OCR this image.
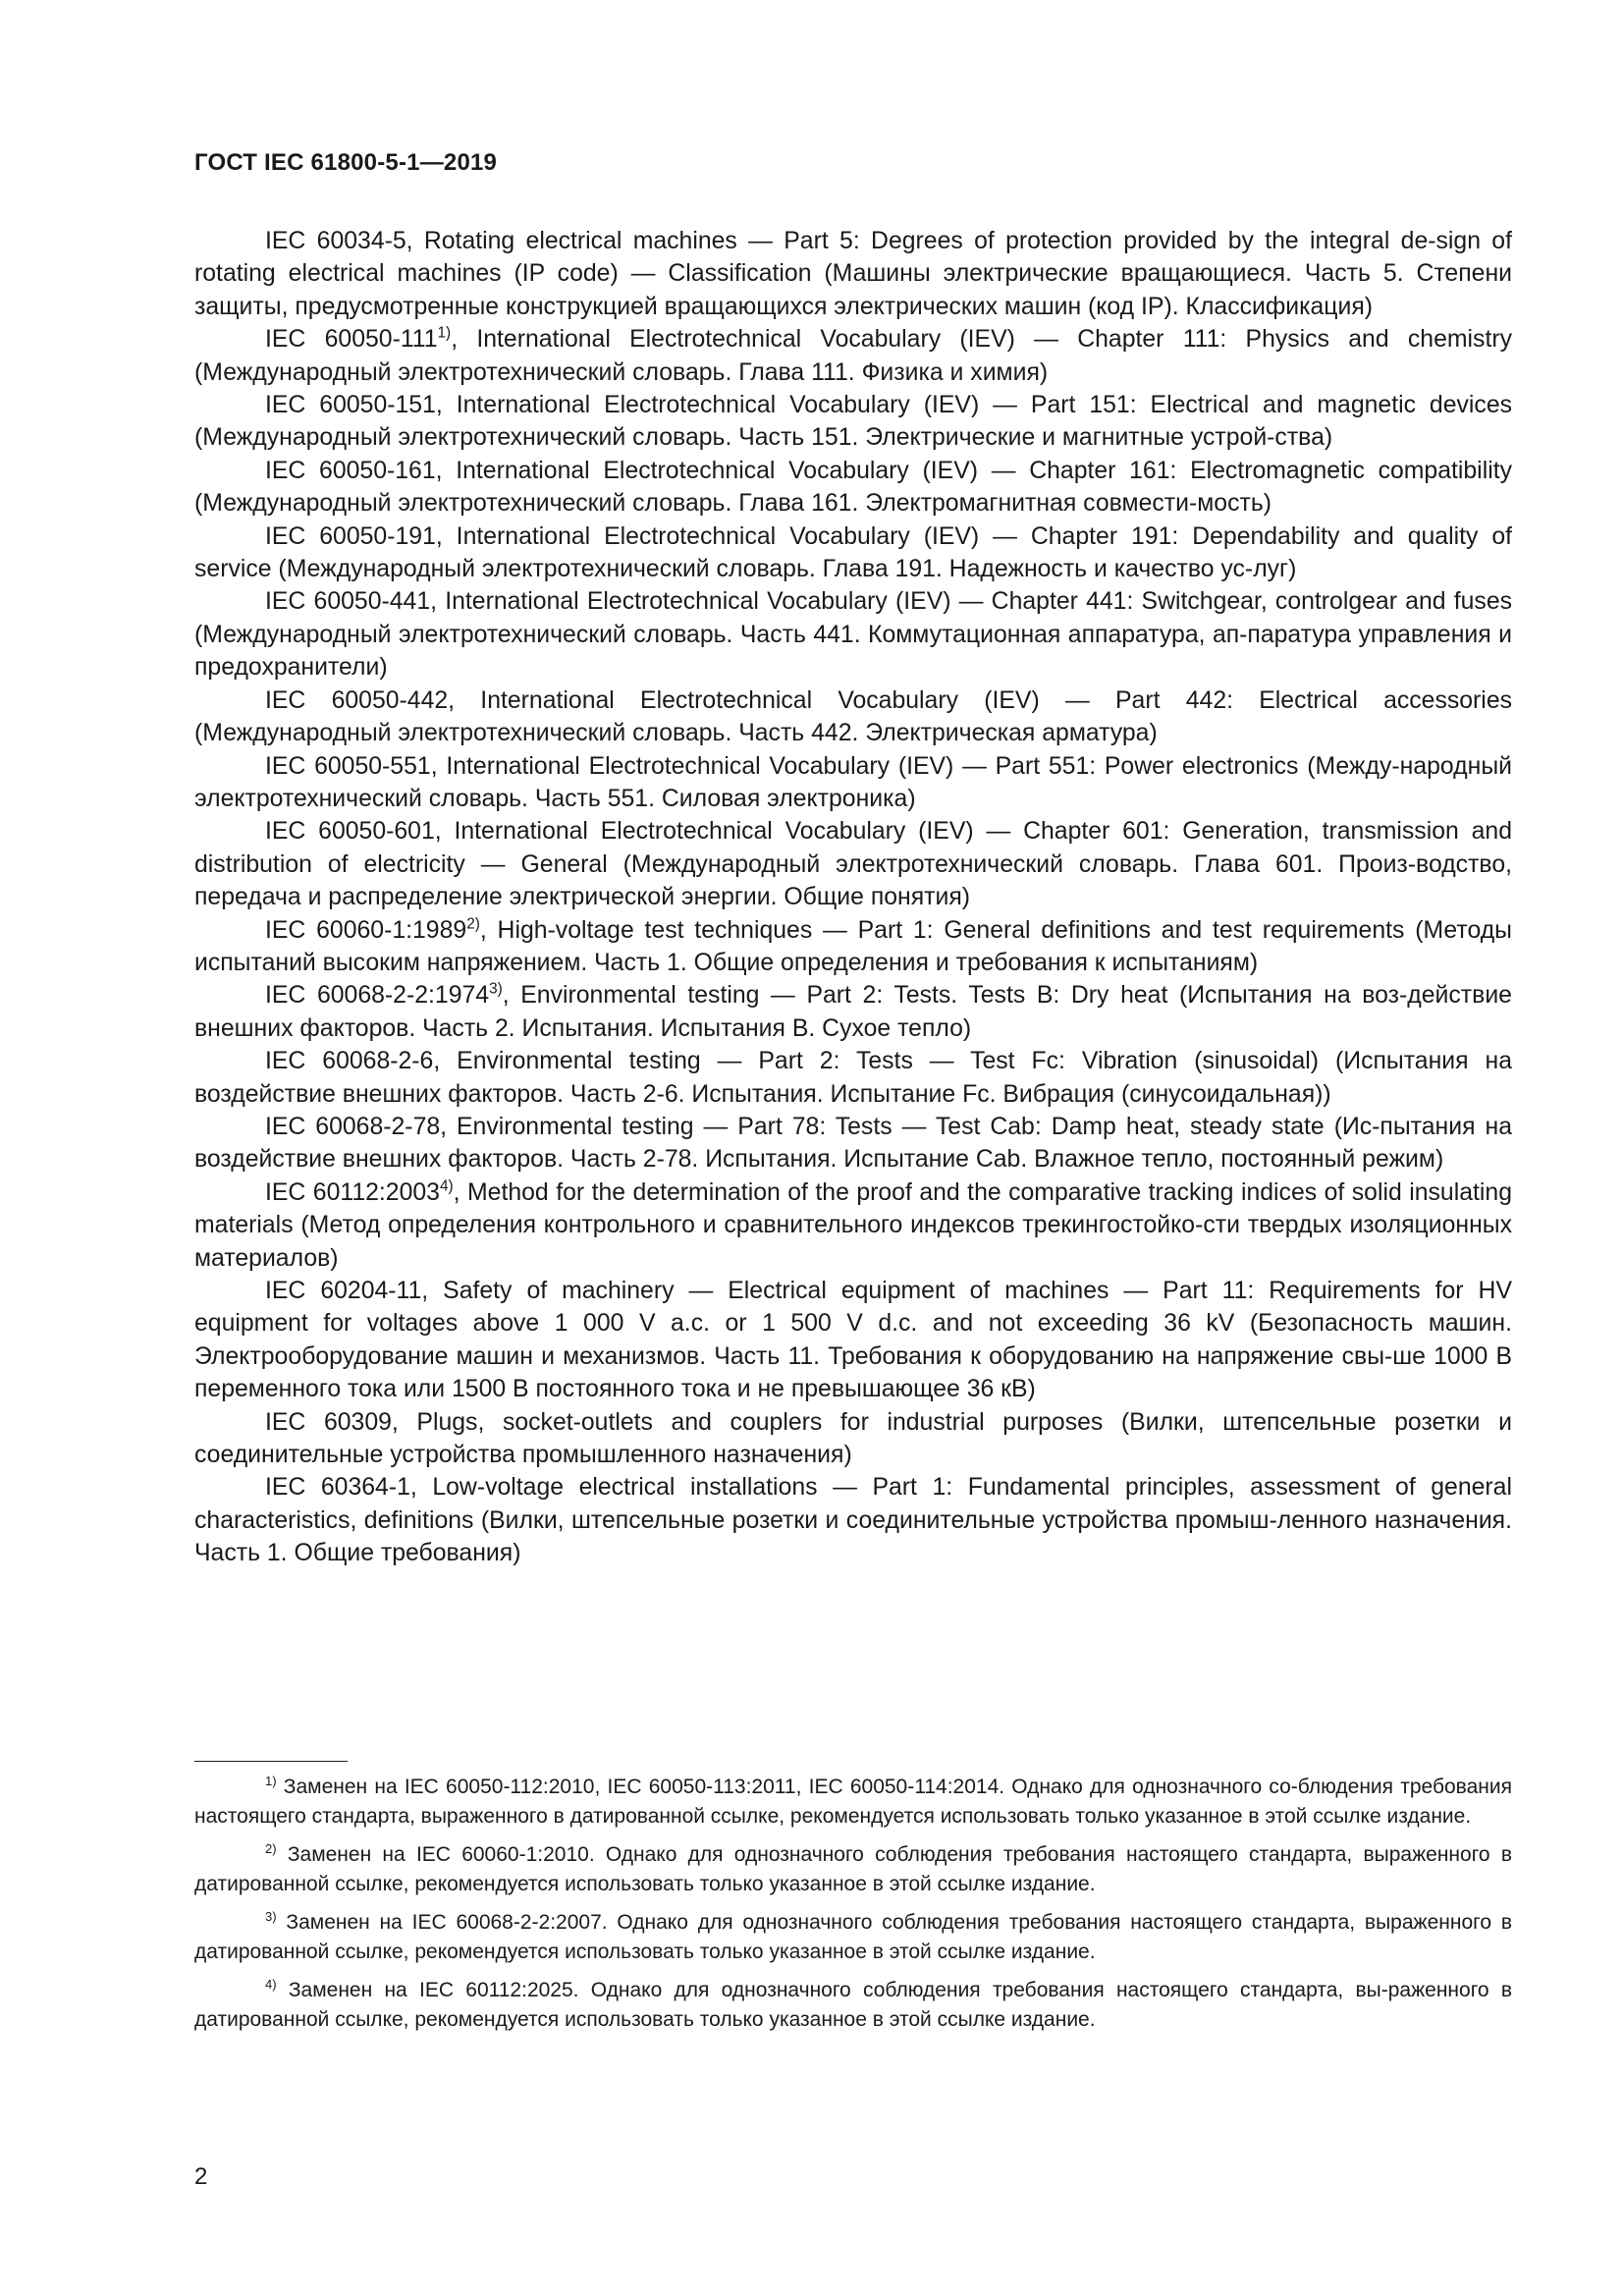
ГОСТ IEC 61800-5-1—2019

IEC 60034-5, Rotating electrical machines — Part 5: Degrees of protection provided by the integral de-sign of rotating electrical machines (IP code) — Classification (Машины электрические вращающиеся. Часть 5. Степени защиты, предусмотренные конструкцией вращающихся электрических машин (код IP). Классификация)

IEC 60050-111$^{1)}$, International Electrotechnical Vocabulary (IEV) — Chapter 111: Physics and chemistry (Международный электротехнический словарь. Глава 111. Физика и химия)

IEC 60050-151, International Electrotechnical Vocabulary (IEV) — Part 151: Electrical and magnetic devices (Международный электротехнический словарь. Часть 151. Электрические и магнитные устрой-ства)

IEC 60050-161, International Electrotechnical Vocabulary (IEV) — Chapter 161: Electromagnetic compatibility (Международный электротехнический словарь. Глава 161. Электромагнитная совмести-мость)

IEC 60050-191, International Electrotechnical Vocabulary (IEV) — Chapter 191: Dependability and quality of service (Международный электротехнический словарь. Глава 191. Надежность и качество ус-луг)

IEC 60050-441, International Electrotechnical Vocabulary (IEV) — Chapter 441: Switchgear, controlgear and fuses (Международный электротехнический словарь. Часть 441. Коммутационная аппаратура, ап-паратура управления и предохранители)

IEC 60050-442, International Electrotechnical Vocabulary (IEV) — Part 442: Electrical accessories (Международный электротехнический словарь. Часть 442. Электрическая арматура)

IEC 60050-551, International Electrotechnical Vocabulary (IEV) — Part 551: Power electronics (Между-народный электротехнический словарь. Часть 551. Силовая электроника)

IEC 60050-601, International Electrotechnical Vocabulary (IEV) — Chapter 601: Generation, transmission and distribution of electricity — General (Международный электротехнический словарь. Глава 601. Произ-водство, передача и распределение электрической энергии. Общие понятия)

IEC 60060-1:1989$^{2)}$, High-voltage test techniques — Part 1: General definitions and test requirements (Методы испытаний высоким напряжением. Часть 1. Общие определения и требования к испытаниям)

IEC 60068-2-2:1974$^{3)}$, Environmental testing — Part 2: Tests. Tests B: Dry heat (Испытания на воз-действие внешних факторов. Часть 2. Испытания. Испытания В. Сухое тепло)

IEC 60068-2-6, Environmental testing — Part 2: Tests — Test Fc: Vibration (sinusoidal) (Испытания на воздействие внешних факторов. Часть 2-6. Испытания. Испытание Fc. Вибрация (синусоидальная))

IEC 60068-2-78, Environmental testing — Part 78: Tests — Test Cab: Damp heat, steady state (Ис-пытания на воздействие внешних факторов. Часть 2-78. Испытания. Испытание Cab. Влажное тепло, постоянный режим)

IEC 60112:2003$^{4)}$, Method for the determination of the proof and the comparative tracking indices of solid insulating materials (Метод определения контрольного и сравнительного индексов трекингостойко-сти твердых изоляционных материалов)

IEC 60204-11, Safety of machinery — Electrical equipment of machines — Part 11: Requirements for HV equipment for voltages above 1 000 V a.c. or 1 500 V d.c. and not exceeding 36 kV (Безопасность машин. Электрооборудование машин и механизмов. Часть 11. Требования к оборудованию на напряжение свы-ше 1000 В переменного тока или 1500 В постоянного тока и не превышающее 36 кВ)

IEC 60309, Plugs, socket-outlets and couplers for industrial purposes (Вилки, штепсельные розетки и соединительные устройства промышленного назначения)

IEC 60364-1, Low-voltage electrical installations — Part 1: Fundamental principles, assessment of general characteristics, definitions (Вилки, штепсельные розетки и соединительные устройства промыш-ленного назначения. Часть 1. Общие требования)

$^{1)}$ Заменен на IEC 60050-112:2010, IEC 60050-113:2011, IEC 60050-114:2014. Однако для однозначного со-блюдения требования настоящего стандарта, выраженного в датированной ссылке, рекомендуется использовать только указанное в этой ссылке издание.

$^{2)}$ Заменен на IEC 60060-1:2010. Однако для однозначного соблюдения требования настоящего стандарта, выраженного в датированной ссылке, рекомендуется использовать только указанное в этой ссылке издание.

$^{3)}$ Заменен на IEC 60068-2-2:2007. Однако для однозначного соблюдения требования настоящего стандарта, выраженного в датированной ссылке, рекомендуется использовать только указанное в этой ссылке издание.

$^{4)}$ Заменен на IEC 60112:2025. Однако для однозначного соблюдения требования настоящего стандарта, вы-раженного в датированной ссылке, рекомендуется использовать только указанное в этой ссылке издание.

2
